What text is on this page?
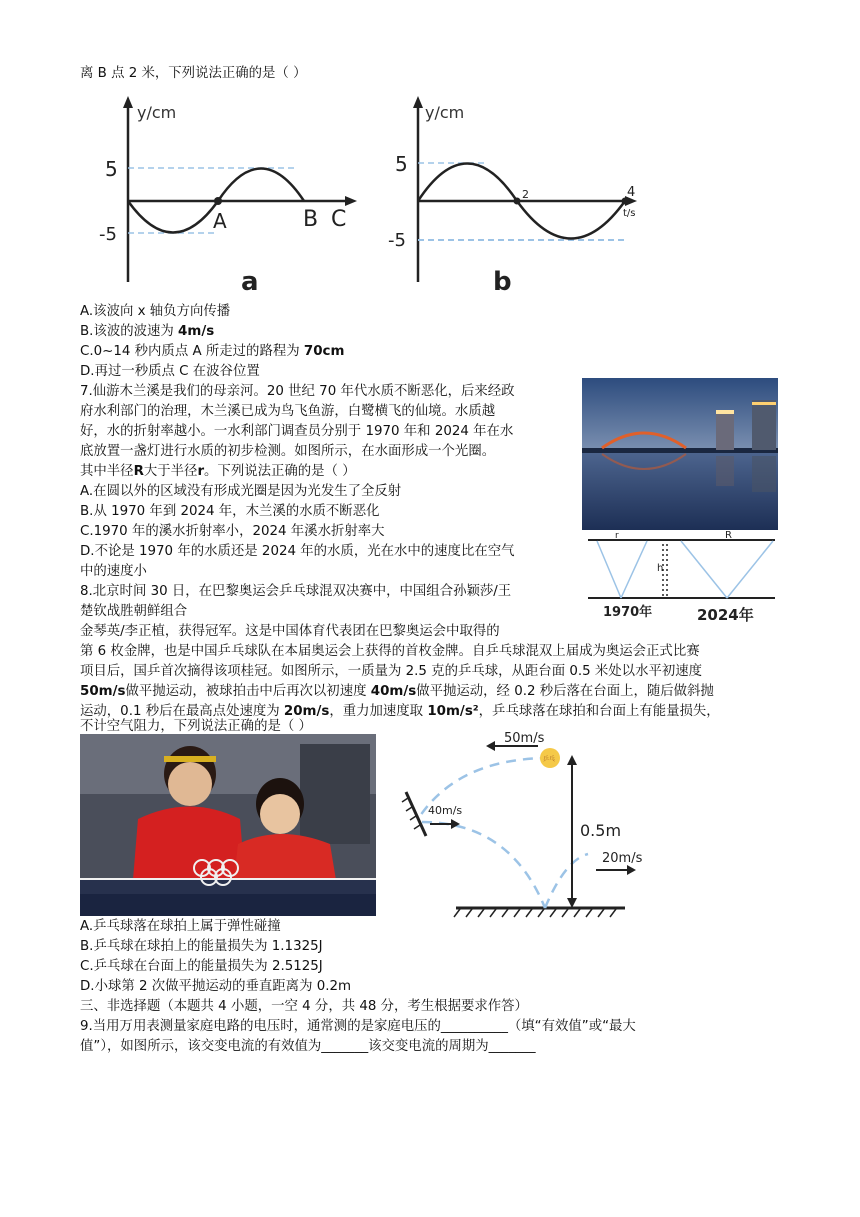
离 B 点 2 米，下列说法正确的是（ ）
y/cm
5
-5
A	B C
a
y/cm
5
-5
2	4
t/s
b
A.该波向 x 轴负方向传播
B.该波的波速为 4m/s
C.0~14 秒内质点 A 所走过的路程为 70cm
D.再过一秒质点 C 在波谷位置
7.仙游木兰溪是我们的母亲河。20 世纪 70 年代水质不断恶化，后来经政
府水利部门的治理，木兰溪已成为鸟飞鱼游，白鹭横飞的仙境。水质越
好，水的折射率越小。一水利部门调查员分别于 1970 年和 2024 年在水
底放置一盏灯进行水质的初步检测。如图所示，在水面形成一个光圈。
其中半径R大于半径r。下列说法正确的是（ ）
A.在圆以外的区域没有形成光圈是因为光发生了全反射
B.从 1970 年到 2024 年，木兰溪的水质不断恶化
C.1970 年的溪水折射率小，2024 年溪水折射率大
D.不论是 1970 年的水质还是 2024 年的水质，光在水中的速度比在空气
中的速度小
r	R
h
1970年	2024年
8.北京时间 30 日，在巴黎奥运会乒乓球混双决赛中，中国组合孙颖莎/王
楚钦战胜朝鲜组合
金琴英/李正植，获得冠军。这是中国体育代表团在巴黎奥运会中取得的
第 6 枚金牌，也是中国乒乓球队在本届奥运会上获得的首枚金牌。自乒乓球混双上届成为奥运会正式比赛
项目后，国乒首次摘得该项桂冠。如图所示，一质量为 2.5 克的乒乓球，从距台面 0.5 米处以水平初速度
50m/s做平抛运动，被球拍击中后再次以初速度 40m/s做平抛运动，经 0.2 秒后落在台面上，随后做斜抛
运动，0.1 秒后在最高点处速度为 20m/s，重力加速度取 10m/s²，乒乓球落在球拍和台面上有能量损失，
不计空气阻力，下列说法正确的是（ ）
乒乓
50m/s
40m/s
0.5m
20m/s
A.乒乓球落在球拍上属于弹性碰撞
B.乒乓球在球拍上的能量损失为 1.1325J
C.乒乓球在台面上的能量损失为 2.5125J
D.小球第 2 次做平抛运动的垂直距离为 0.2m
三、非选择题（本题共 4 小题，一空 4 分，共 48 分，考生根据要求作答）
9.当用万用表测量家庭电路的电压时，通常测的是家庭电压的__________（填“有效值”或“最大
值”），如图所示，该交变电流的有效值为_______该交变电流的周期为_______
